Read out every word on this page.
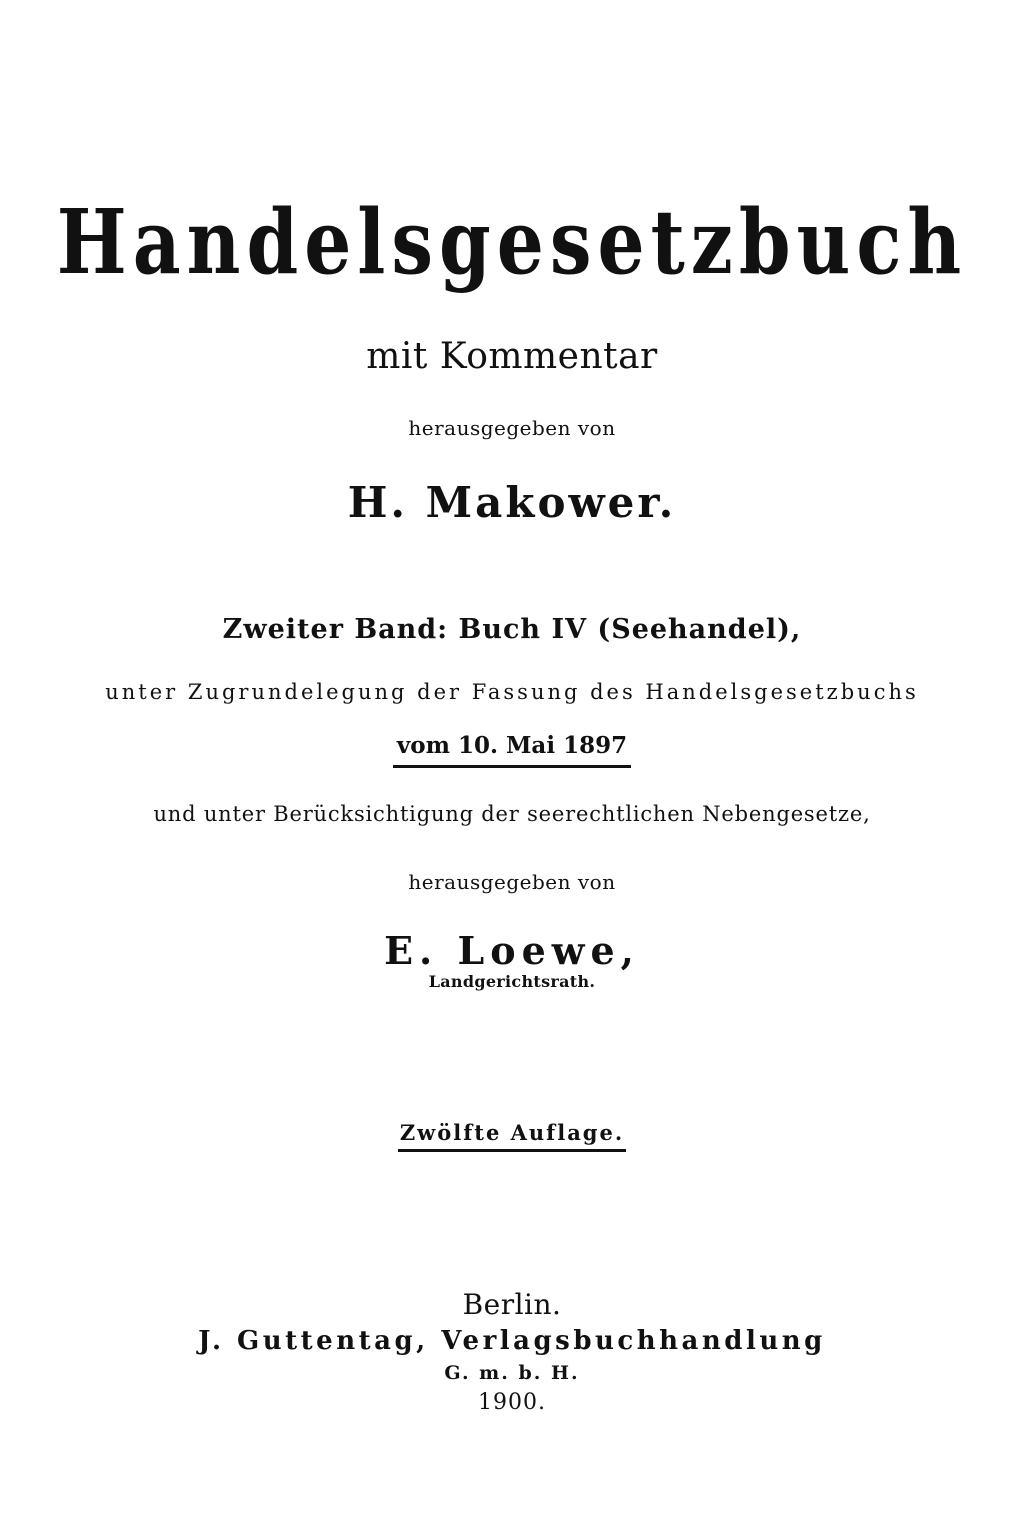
Handelsgesetzbuch
mit Kommentar
herausgegeben von
H. Makower.
Zweiter Band: Buch IV (Seehandel),
unter Zugrundelegung der Fassung des Handelsgesetzbuchs
vom 10. Mai 1897
und unter Berücksichtigung der seerechtlichen Nebengesetze,
herausgegeben von
E. Loewe,
Landgerichtsrath.
Zwölfte Auflage.
Berlin.
J. Guttentag, Verlagsbuchhandlung
G. m. b. H.
1900.
